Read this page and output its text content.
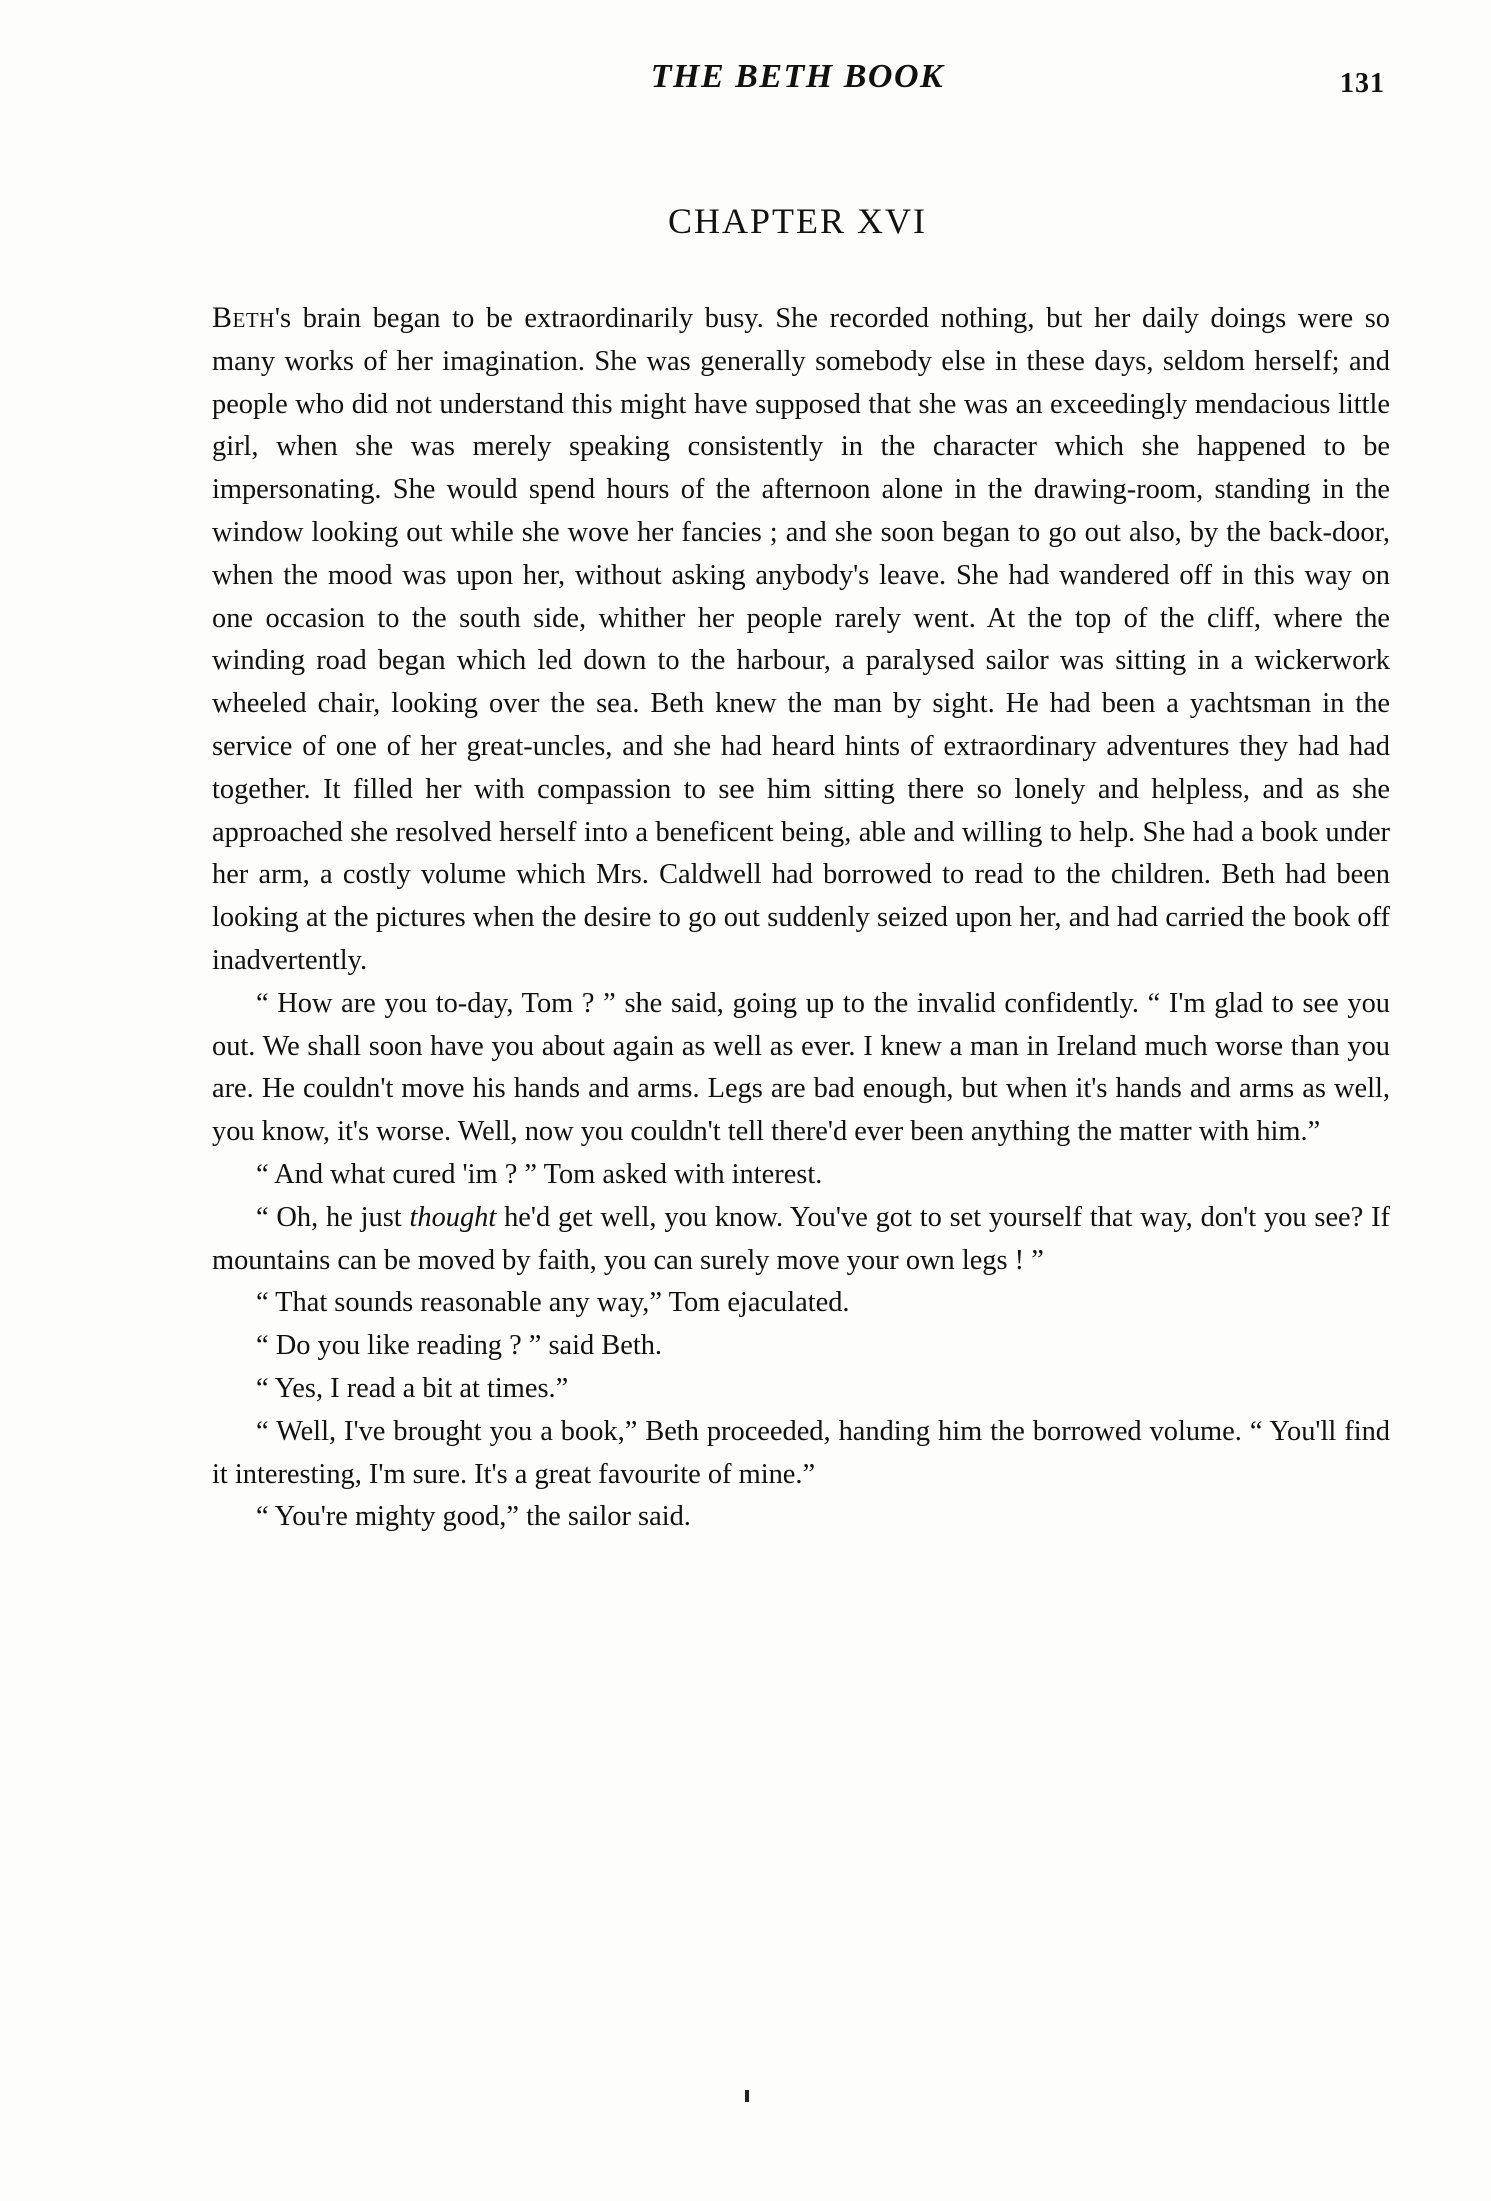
THE BETH BOOK	131
CHAPTER XVI

Beth's brain began to be extraordinarily busy. She recorded nothing, but her daily doings were so many works of her imagination. She was generally somebody else in these days, seldom herself; and people who did not understand this might have supposed that she was an exceedingly mendacious little girl, when she was merely speaking consistently in the character which she happened to be impersonating. She would spend hours of the afternoon alone in the drawing-room, standing in the window looking out while she wove her fancies ; and she soon began to go out also, by the back-door, when the mood was upon her, without asking anybody's leave. She had wandered off in this way on one occasion to the south side, whither her people rarely went. At the top of the cliff, where the winding road began which led down to the harbour, a paralysed sailor was sitting in a wickerwork wheeled chair, looking over the sea. Beth knew the man by sight. He had been a yachtsman in the service of one of her great-uncles, and she had heard hints of extraordinary adventures they had had together. It filled her with compassion to see him sitting there so lonely and helpless, and as she approached she resolved herself into a beneficent being, able and willing to help. She had a book under her arm, a costly volume which Mrs. Caldwell had borrowed to read to the children. Beth had been looking at the pictures when the desire to go out suddenly seized upon her, and had carried the book off inadvertently.

“ How are you to-day, Tom ? ” she said, going up to the invalid confidently. “ I'm glad to see you out. We shall soon have you about again as well as ever. I knew a man in Ireland much worse than you are. He couldn't move his hands and arms. Legs are bad enough, but when it's hands and arms as well, you know, it's worse. Well, now you couldn't tell there'd ever been anything the matter with him.”

“ And what cured 'im ? ” Tom asked with interest.

“ Oh, he just thought he'd get well, you know. You've got to set yourself that way, don't you see? If mountains can be moved by faith, you can surely move your own legs ! ”

“ That sounds reasonable any way,” Tom ejaculated.

“ Do you like reading ? ” said Beth.

“ Yes, I read a bit at times.”

“ Well, I've brought you a book,” Beth proceeded, handing him the borrowed volume. “ You'll find it interesting, I'm sure. It's a great favourite of mine.”

“ You're mighty good,” the sailor said.
